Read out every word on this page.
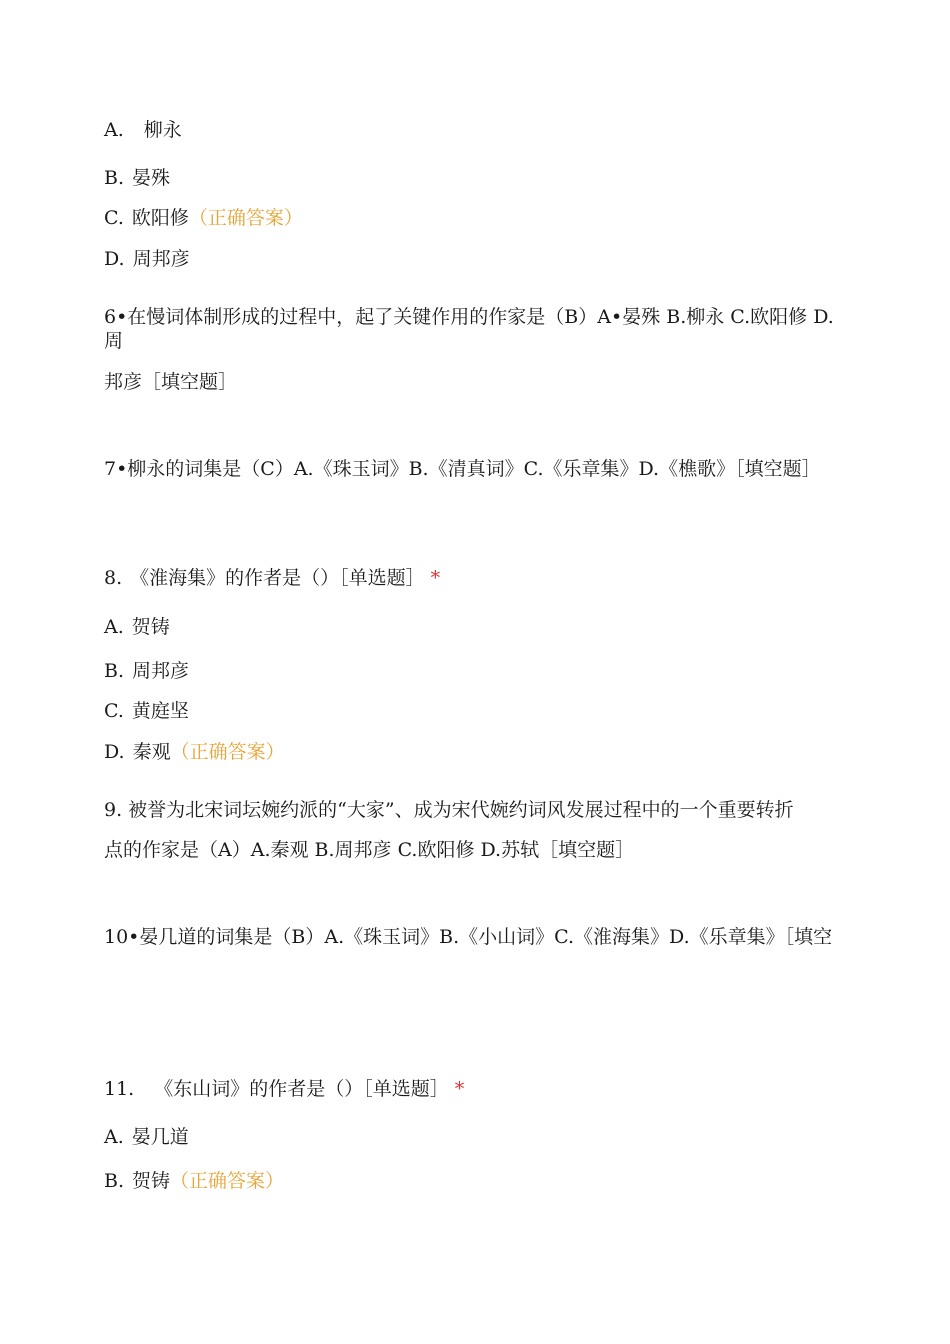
A. 柳永
B. 晏殊
C. 欧阳修（正确答案）
D. 周邦彦
6•在慢词体制形成的过程中，起了关键作用的作家是（B）A•晏殊 B.柳永 C.欧阳修 D.周
邦彦［填空题］
7•柳永的词集是（C）A.《珠玉词》B.《清真词》C.《乐章集》D.《樵歌》［填空题］
8. 《淮海集》的作者是（）［单选题］ *
A. 贺铸
B. 周邦彦
C. 黄庭坚
D. 秦观（正确答案）
9. 被誉为北宋词坛婉约派的“大家”、成为宋代婉约词风发展过程中的一个重要转折
点的作家是（A）A.秦观 B.周邦彦 C.欧阳修 D.苏轼［填空题］
10•晏几道的词集是（B）A.《珠玉词》B.《小山词》C.《淮海集》D.《乐章集》［填空
11. 《东山词》的作者是（）［单选题］ *
A. 晏几道
B. 贺铸（正确答案）
